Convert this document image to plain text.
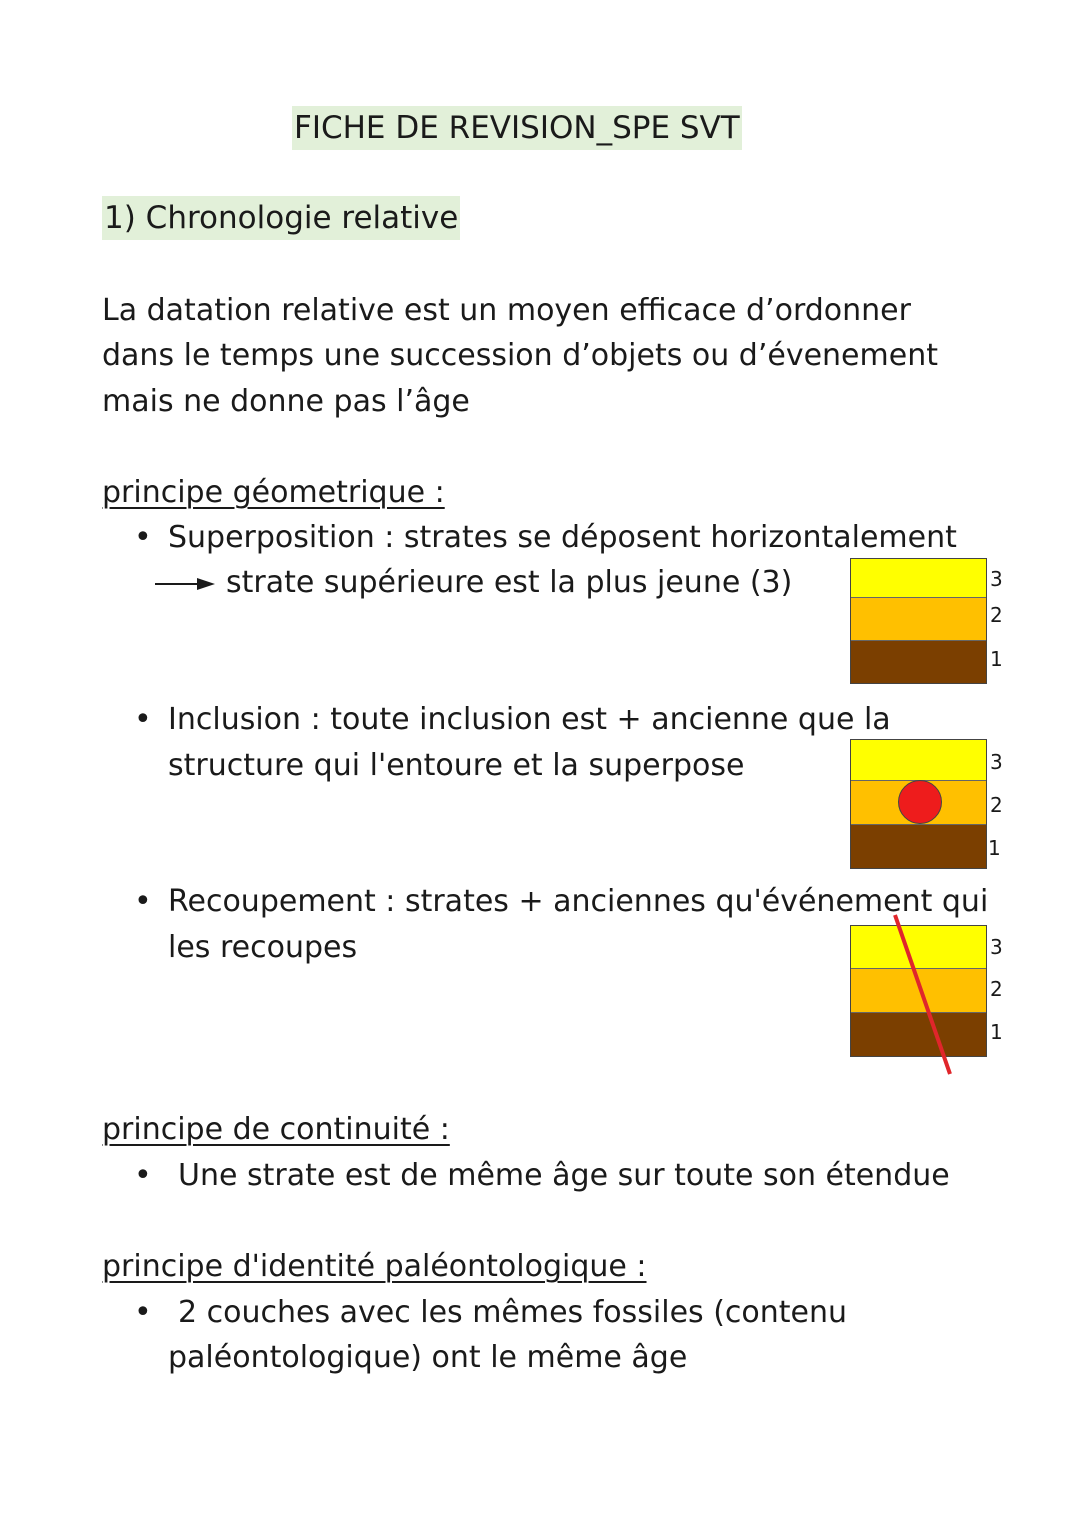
FICHE DE REVISION_SPE SVT
1) Chronologie relative
La datation relative est un moyen efficace d’ordonner
dans le temps une succession d’objets ou d’évenement
mais ne donne pas l’âge
principe géometrique :
• Superposition : strates se déposent horizontalement
strate supérieure est la plus jeune (3)	3
2
1
• Inclusion : toute inclusion est + ancienne que la
structure qui l'entoure et la superpose	3
2
1
• Recoupement : strates + anciennes qu'événement qui
les recoupes	3
2
1
principe de continuité :
• Une strate est de même âge sur toute son étendue
principe d'identité paléontologique :
• 2 couches avec les mêmes fossiles (contenu
paléontologique) ont le même âge
